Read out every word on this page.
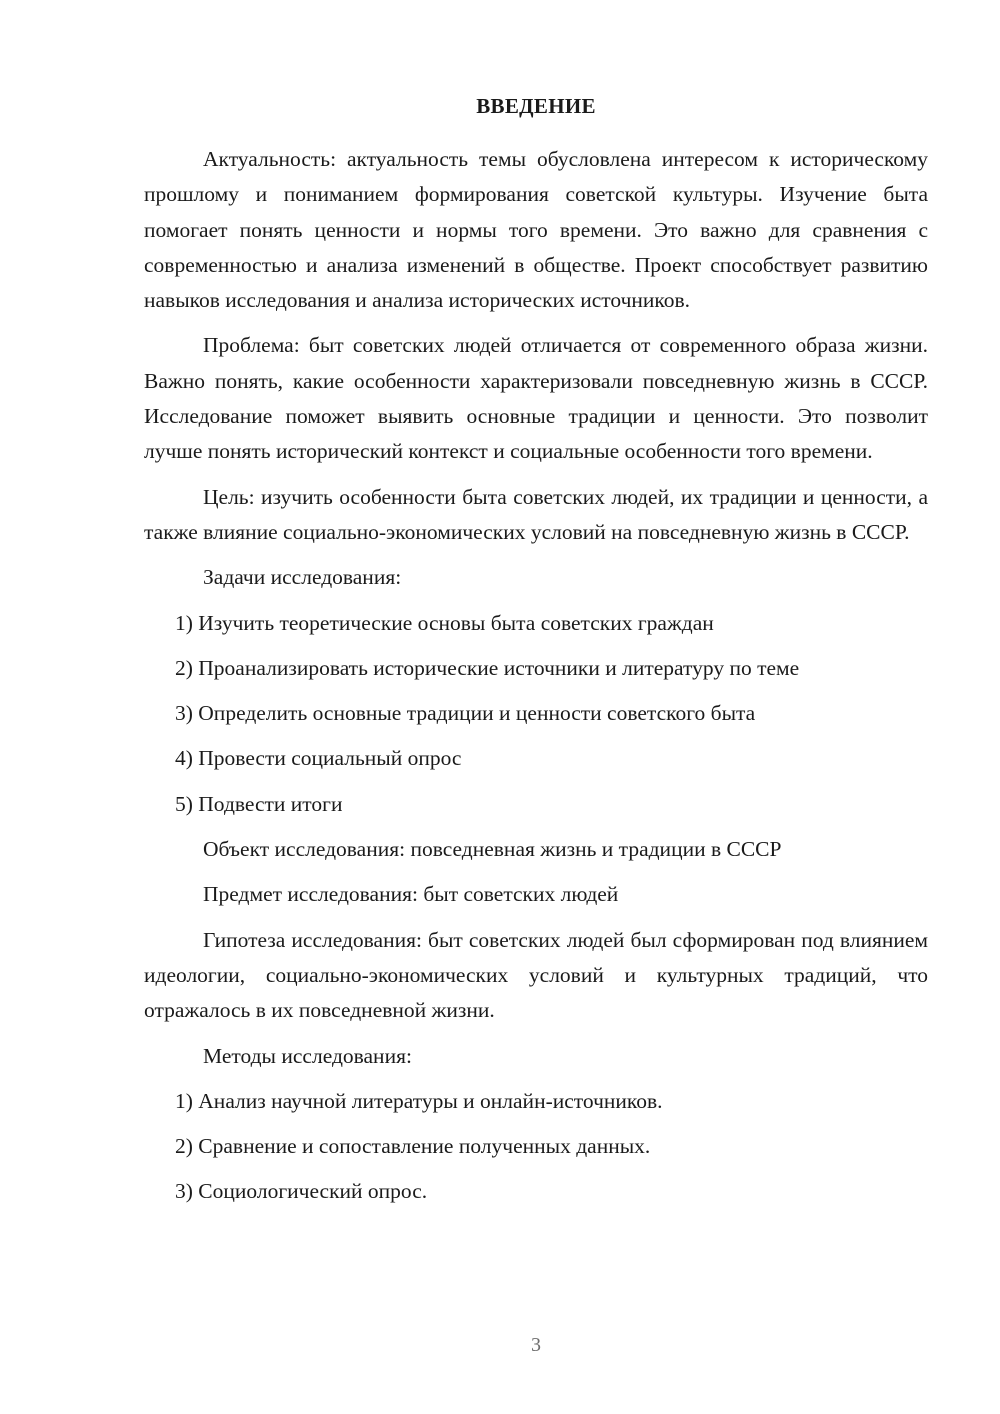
ВВЕДЕНИЕ

Актуальность: актуальность темы обусловлена интересом к историческому прошлому и пониманием формирования советской культуры. Изучение быта помогает понять ценности и нормы того времени. Это важно для сравнения с современностью и анализа изменений в обществе. Проект способствует развитию навыков исследования и анализа исторических источников.

Проблема: быт советских людей отличается от современного образа жизни. Важно понять, какие особенности характеризовали повседневную жизнь в СССР. Исследование поможет выявить основные традиции и ценности. Это позволит лучше понять исторический контекст и социальные особенности того времени.

Цель: изучить особенности быта советских людей, их традиции и ценности, а также влияние социально-экономических условий на повседневную жизнь в СССР.

Задачи исследования:

1) Изучить теоретические основы быта советских граждан

2) Проанализировать исторические источники и литературу по теме

3) Определить основные традиции и ценности советского быта

4) Провести социальный опрос

5) Подвести итоги

Объект исследования: повседневная жизнь и традиции в СССР

Предмет исследования: быт советских людей

Гипотеза исследования: быт советских людей был сформирован под влиянием идеологии, социально-экономических условий и культурных традиций, что отражалось в их повседневной жизни.

Методы исследования:

1) Анализ научной литературы и онлайн-источников.

2) Сравнение и сопоставление полученных данных.

3) Социологический опрос.

3
